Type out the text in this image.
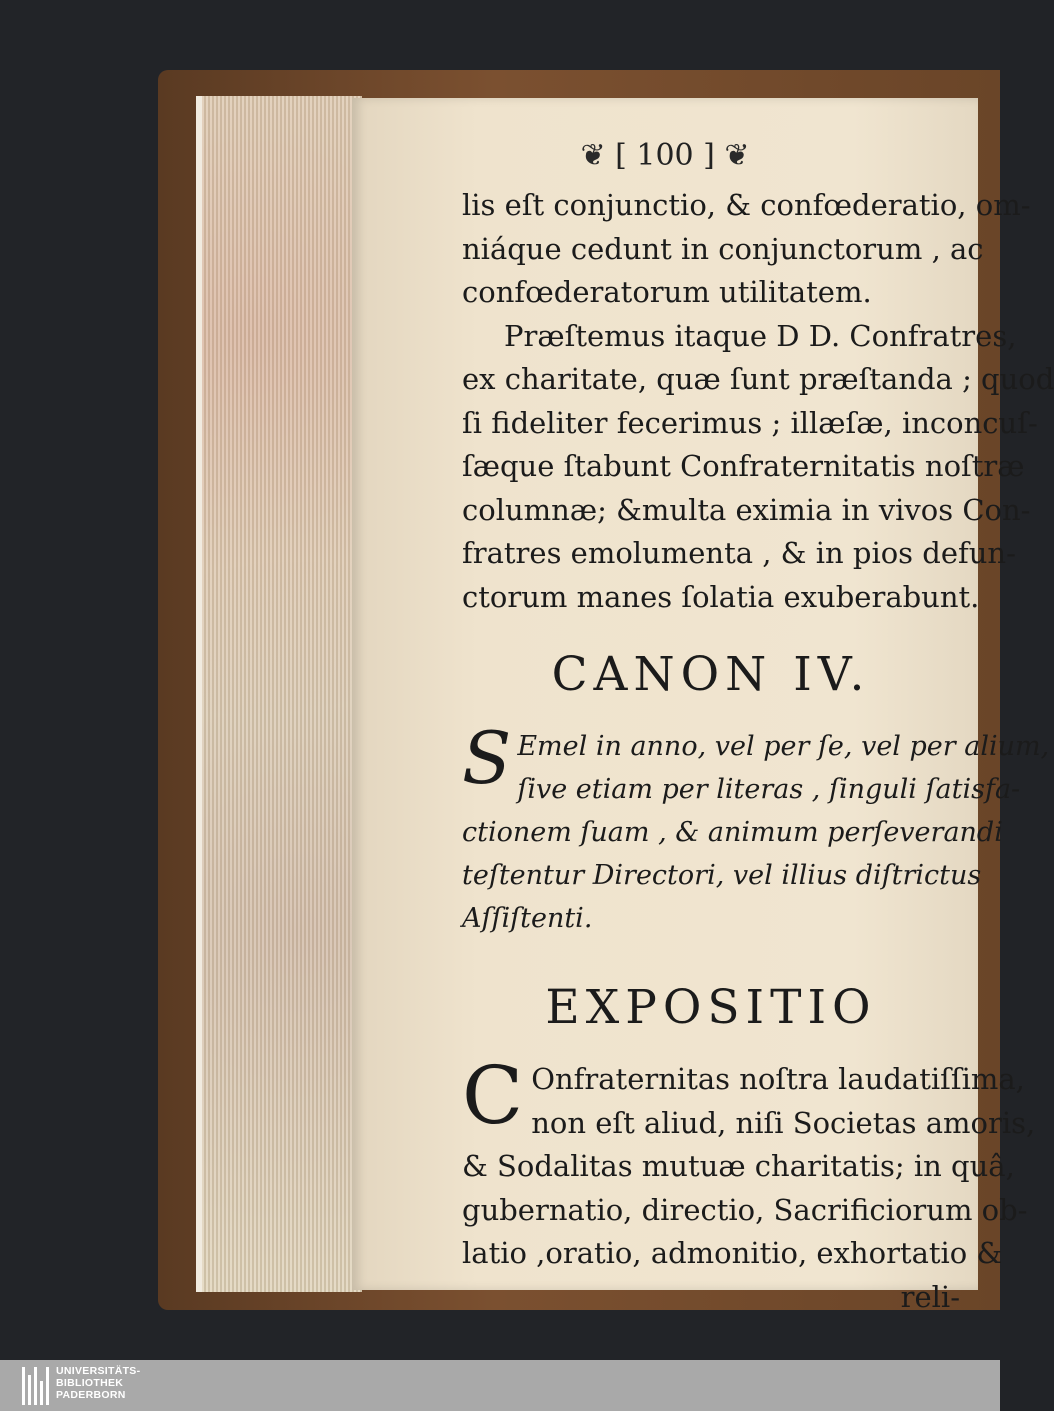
❦ [ 100 ] ❦
lis eſt conjunctio, & confœderatio, om-
niáque cedunt in conjunctorum , ac
confœderatorum utilitatem.
Præſtemus itaque D D. Confratres,
ex charitate, quæ ſunt præſtanda ; quod
ſi fideliter fecerimus ; illæſæ, inconcuſ-
ſæque ſtabunt Confraternitatis noſtræ
columnæ; &multa eximia in vivos Con-
fratres emolumenta , & in pios defun-
ctorum manes ſolatia exuberabunt.
CANON IV.
S Emel in anno, vel per ſe, vel per alium,
ſive etiam per literas , ſinguli ſatisfa-
ctionem ſuam , & animum perſeverandi
teſtentur Directori, vel illius diſtrictus
Aſſiſtenti.
EXPOSITIO
C Onfraternitas noſtra laudatiſſima,
non eſt aliud, niſi Societas amoris,
& Sodalitas mutuæ charitatis; in quâ,
gubernatio, directio, Sacrificiorum ob-
latio ,oratio, admonitio, exhortatio &
reli-
UNIVERSITÄTS-
BIBLIOTHEK
PADERBORN
